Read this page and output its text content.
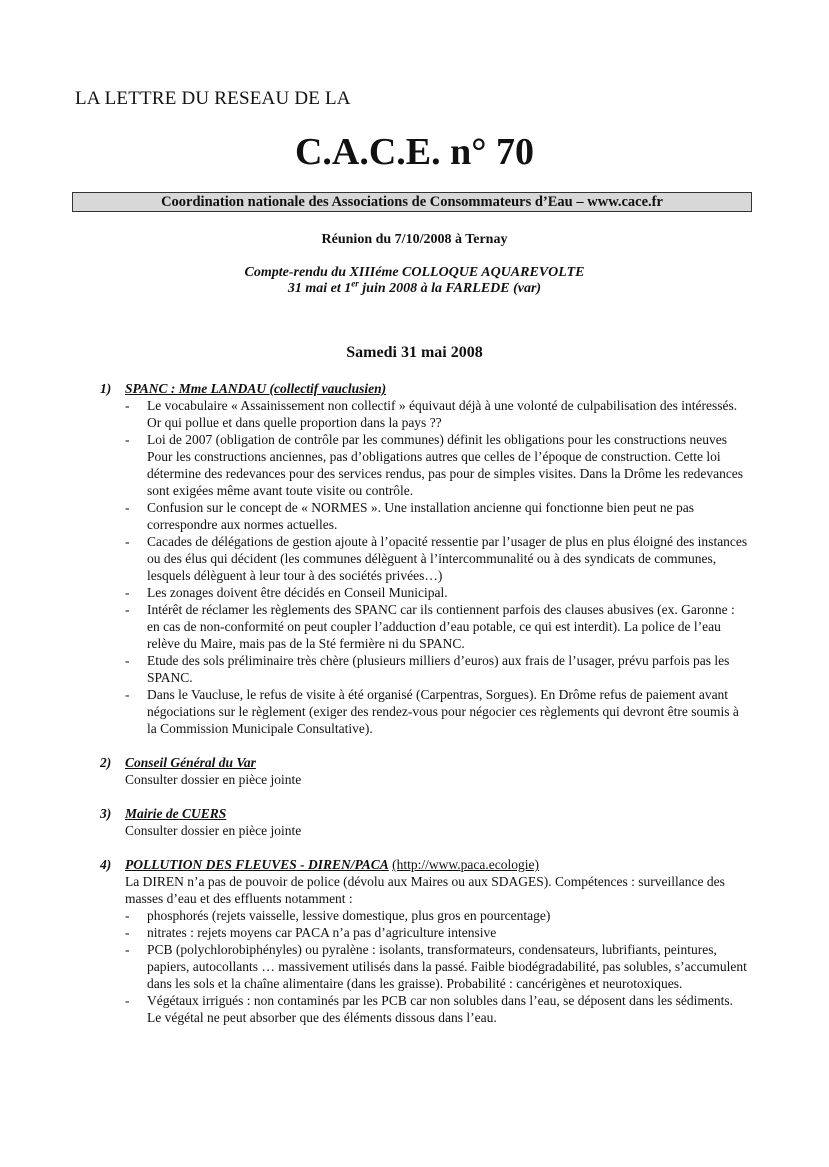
LA LETTRE DU RESEAU DE LA
C.A.C.E. n° 70
Coordination nationale des Associations de Consommateurs d’Eau – www.cace.fr
Réunion du 7/10/2008 à Ternay
Compte-rendu du XIIIéme COLLOQUE AQUAREVOLTE
31 mai et 1er juin 2008 à la FARLEDE (var)
Samedi 31 mai 2008
1) SPANC : Mme LANDAU (collectif vauclusien)
- Le vocabulaire « Assainissement non collectif » équivaut déjà à une volonté de culpabilisation des intéressés. Or qui pollue et dans quelle proportion dans la pays ??
- Loi de 2007 (obligation de contrôle par les communes) définit les obligations pour les constructions neuves Pour les constructions anciennes, pas d’obligations autres que celles de l’époque de construction. Cette loi détermine des redevances pour des services rendus, pas pour de simples visites. Dans la Drôme les redevances sont exigées même avant toute visite ou contrôle.
- Confusion sur le concept de « NORMES ». Une installation ancienne qui fonctionne bien peut ne pas correspondre aux normes actuelles.
- Cacades de délégations de gestion ajoute à l’opacité ressentie par l’usager de plus en plus éloigné des instances ou des élus qui décident (les communes délèguent à l’intercommunalité ou à des syndicats de communes, lesquels délèguent à leur tour à des sociétés privées…)
- Les zonages doivent être décidés en Conseil Municipal.
- Intérêt de réclamer les règlements des SPANC car ils contiennent parfois des clauses abusives (ex. Garonne : en cas de non-conformité on peut coupler l’adduction d’eau potable, ce qui est interdit). La police de l’eau relève du Maire, mais pas de la Sté fermière ni du SPANC.
- Etude des sols préliminaire très chère (plusieurs milliers d’euros) aux frais de l’usager, prévu parfois pas les SPANC.
- Dans le Vaucluse, le refus de visite à été organisé (Carpentras, Sorgues). En Drôme refus de paiement avant négociations sur le règlement (exiger des rendez-vous pour négocier ces règlements qui devront être soumis à la Commission Municipale Consultative).
2) Conseil Général du Var
Consulter dossier en pièce jointe
3) Mairie de CUERS
Consulter dossier en pièce jointe
4) POLLUTION DES FLEUVES - DIREN/PACA (http://www.paca.ecologie)
La DIREN n’a pas de pouvoir de police (dévolu aux Maires ou aux SDAGES). Compétences : surveillance des masses d’eau et des effluents notamment :
- phosphorés (rejets vaisselle, lessive domestique, plus gros en pourcentage)
- nitrates : rejets moyens car PACA n’a pas d’agriculture intensive
- PCB (polychlorobiphényles) ou pyralène : isolants, transformateurs, condensateurs, lubrifiants, peintures, papiers, autocollants … massivement utilisés dans la passé. Faible biodégradabilité, pas solubles, s’accumulent dans les sols et la chaîne alimentaire (dans les graisse). Probabilité : cancérigènes et neurotoxiques.
- Végétaux irrigués : non contaminés par les PCB car non solubles dans l’eau, se déposent dans les sédiments. Le végétal ne peut absorber que des éléments dissous dans l’eau.
